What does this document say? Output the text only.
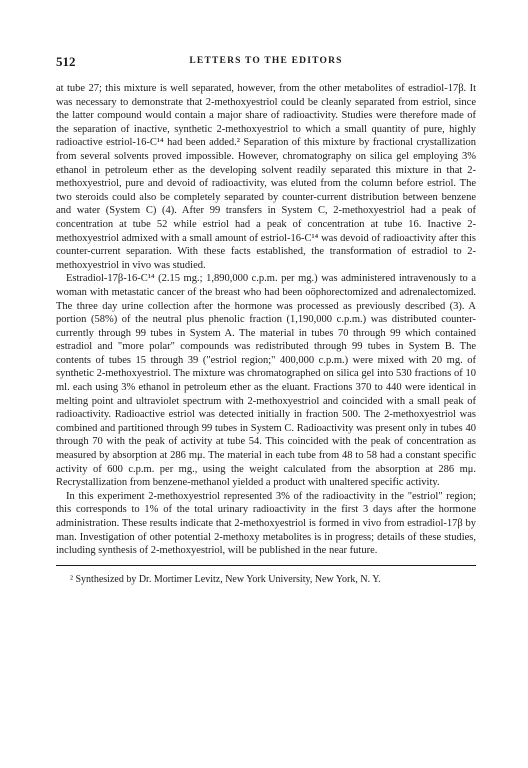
512	LETTERS TO THE EDITORS

at tube 27; this mixture is well separated, however, from the other metabolites of estradiol-17β. It was necessary to demonstrate that 2-methoxyestriol could be cleanly separated from estriol, since the latter compound would contain a major share of radioactivity. Studies were therefore made of the separation of inactive, synthetic 2-methoxyestriol to which a small quantity of pure, highly radioactive estriol-16-C¹⁴ had been added.² Separation of this mixture by fractional crystallization from several solvents proved impossible. However, chromatography on silica gel employing 3% ethanol in petroleum ether as the developing solvent readily separated this mixture in that 2-methoxyestriol, pure and devoid of radioactivity, was eluted from the column before estriol. The two steroids could also be completely separated by counter-current distribution between benzene and water (System C) (4). After 99 transfers in System C, 2-methoxyestriol had a peak of concentration at tube 52 while estriol had a peak of concentration at tube 16. Inactive 2-methoxyestriol admixed with a small amount of estriol-16-C¹⁴ was devoid of radioactivity after this counter-current separation. With these facts established, the transformation of estradiol to 2-methoxyestriol in vivo was studied.

Estradiol-17β-16-C¹⁴ (2.15 mg.; 1,890,000 c.p.m. per mg.) was administered intravenously to a woman with metastatic cancer of the breast who had been oöphorectomized and adrenalectomized. The three day urine collection after the hormone was processed as previously described (3). A portion (58%) of the neutral plus phenolic fraction (1,190,000 c.p.m.) was distributed counter-currently through 99 tubes in System A. The material in tubes 70 through 99 which contained estradiol and "more polar" compounds was redistributed through 99 tubes in System B. The contents of tubes 15 through 39 ("estriol region;" 400,000 c.p.m.) were mixed with 20 mg. of synthetic 2-methoxyestriol. The mixture was chromatographed on silica gel into 530 fractions of 10 ml. each using 3% ethanol in petroleum ether as the eluant. Fractions 370 to 440 were identical in melting point and ultraviolet spectrum with 2-methoxyestriol and coincided with a small peak of radioactivity. Radioactive estriol was detected initially in fraction 500. The 2-methoxyestriol was combined and partitioned through 99 tubes in System C. Radioactivity was present only in tubes 40 through 70 with the peak of activity at tube 54. This coincided with the peak of concentration as measured by absorption at 286 mμ. The material in each tube from 48 to 58 had a constant specific activity of 600 c.p.m. per mg., using the weight calculated from the absorption at 286 mμ. Recrystallization from benzene-methanol yielded a product with unaltered specific activity.

In this experiment 2-methoxyestriol represented 3% of the radioactivity in the "estriol" region; this corresponds to 1% of the total urinary radioactivity in the first 3 days after the hormone administration. These results indicate that 2-methoxyestriol is formed in vivo from estradiol-17β by man. Investigation of other potential 2-methoxy metabolites is in progress; details of these studies, including synthesis of 2-methoxyestriol, will be published in the near future.

² Synthesized by Dr. Mortimer Levitz, New York University, New York, N. Y.
